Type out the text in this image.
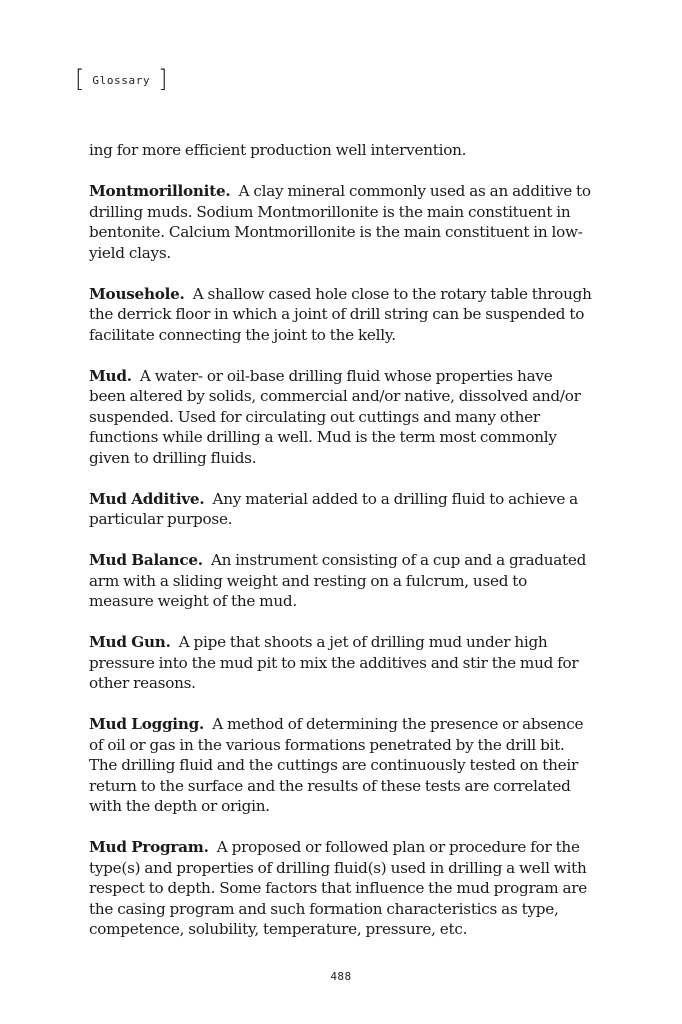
[ Glossary ]

ing for more efficient production well intervention.

Montmorillonite. A clay mineral commonly used as an additive to drilling muds. Sodium Montmorillonite is the main constituent in bentonite. Calcium Montmorillonite is the main constituent in low-yield clays.

Mousehole. A shallow cased hole close to the rotary table through the derrick floor in which a joint of drill string can be suspended to facilitate connecting the joint to the kelly.

Mud. A water- or oil-base drilling fluid whose properties have been altered by solids, commercial and/or native, dissolved and/or suspended. Used for circulating out cuttings and many other functions while drilling a well. Mud is the term most commonly given to drilling fluids.

Mud Additive. Any material added to a drilling fluid to achieve a particular purpose.

Mud Balance. An instrument consisting of a cup and a graduated arm with a sliding weight and resting on a fulcrum, used to measure weight of the mud.

Mud Gun. A pipe that shoots a jet of drilling mud under high pressure into the mud pit to mix the additives and stir the mud for other reasons.

Mud Logging. A method of determining the presence or absence of oil or gas in the various formations penetrated by the drill bit. The drilling fluid and the cuttings are continuously tested on their return to the surface and the results of these tests are correlated with the depth or origin.

Mud Program. A proposed or followed plan or procedure for the type(s) and properties of drilling fluid(s) used in drilling a well with respect to depth. Some factors that influence the mud program are the casing program and such formation characteristics as type, competence, solubility, temperature, pressure, etc.

488
